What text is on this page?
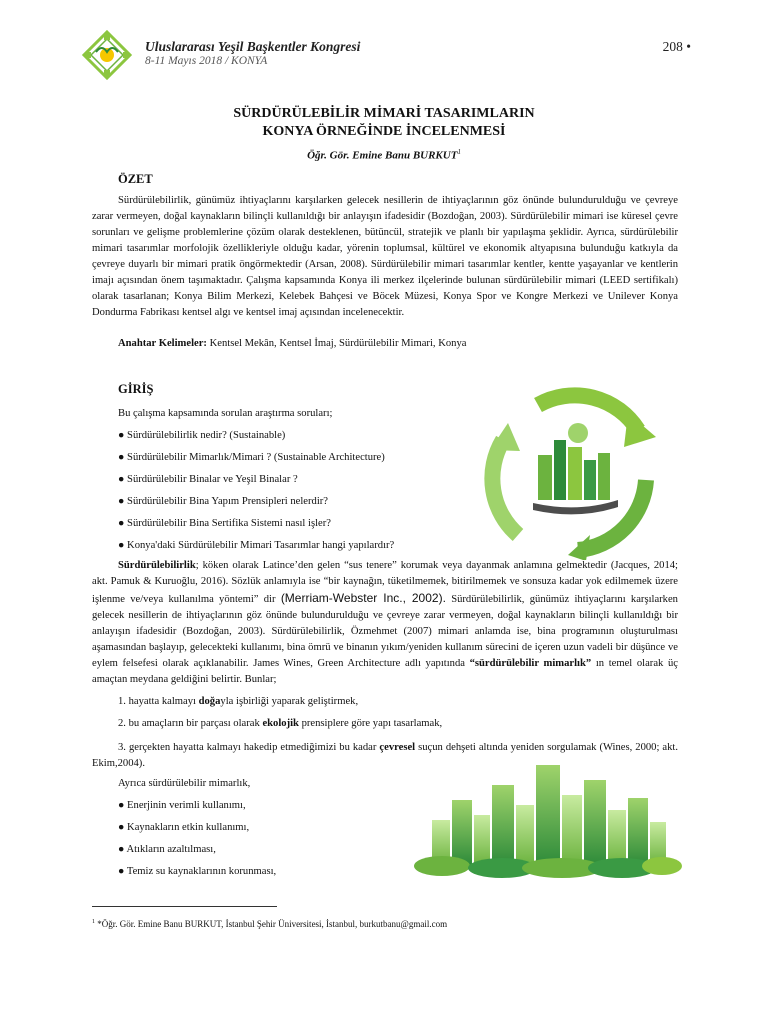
Uluslararası Yeşil Başkentler Kongresi
8-11 Mayıs 2018 / KONYA
208 •
SÜRDÜRÜLEBİLİR MİMARİ TASARIMLARIN
KONYA ÖRNEĞİNDE İNCELENMESİ
Öğr. Gör. Emine Banu BURKUT$^1$
ÖZET
Sürdürülebilirlik, günümüz ihtiyaçlarını karşılarken gelecek nesillerin de ihtiyaçlarının göz önünde bulundurulduğu ve çevreye zarar vermeyen, doğal kaynakların bilinçli kullanıldığı bir anlayışın ifadesidir (Bozdoğan, 2003). Sürdürülebilir mimari ise küresel çevre sorunları ve gelişme problemlerine çözüm olarak desteklenen, bütüncül, stratejik ve planlı bir yapılaşma şeklidir. Ayrıca, sürdürülebilir mimari tasarımlar morfolojik özellikleriyle olduğu kadar, yörenin toplumsal, kültürel ve ekonomik altyapısına bulunduğu katkıyla da çevreye duyarlı bir mimari pratik öngörmektedir (Arsan, 2008). Sürdürülebilir mimari tasarımlar kentler, kentte yaşayanlar ve kentlerin imajı açısından önem taşımaktadır. Çalışma kapsamında Konya ili merkez ilçelerinde bulunan sürdürülebilir mimari (LEED sertifikalı) olarak tasarlanan; Konya Bilim Merkezi, Kelebek Bahçesi ve Böcek Müzesi, Konya Spor ve Kongre Merkezi ve Unilever Konya Dondurma Fabrikası kentsel algı ve kentsel imaj açısından incelenecektir.
Anahtar Kelimeler: Kentsel Mekân, Kentsel İmaj, Sürdürülebilir Mimari, Konya
GİRİŞ
Bu çalışma kapsamında sorulan araştırma soruları;
● Sürdürülebilirlik nedir? (Sustainable)
● Sürdürülebilir Mimarlık/Mimari ? (Sustainable Architecture)
● Sürdürülebilir Binalar ve Yeşil Binalar ?
● Sürdürülebilir Bina Yapım Prensipleri nelerdir?
● Sürdürülebilir Bina Sertifika Sistemi nasıl işler?
● Konya'daki Sürdürülebilir Mimari Tasarımlar hangi yapılardır?
Sürdürülebilirlik; köken olarak Latince’den gelen “sus tenere” korumak veya dayanmak anlamına gelmektedir (Jacques, 2014; akt. Pamuk & Kuruoğlu, 2016). Sözlük anlamıyla ise “bir kaynağın, tüketilmemek, bitirilmemek ve sonsuza kadar yok edilmemek üzere işlenme ve/veya kullanılma yöntemi” dir (Merriam-Webster Inc., 2002). Sürdürülebilirlik, günümüz ihtiyaçlarını karşılarken gelecek nesillerin de ihtiyaçlarının göz önünde bulundurulduğu ve çevreye zarar vermeyen, doğal kaynakların bilinçli kullanıldığı bir anlayışın ifadesidir (Bozdoğan, 2003). Sürdürülebilirlik, Özmehmet (2007) mimari anlamda ise, bina programının oluşturulması aşamasından başlayıp, gelecekteki kullanımı, bina ömrü ve binanın yıkım/yeniden kullanım sürecini de içeren uzun vadeli bir düşünce ve eylem felsefesi olarak açıklanabilir. James Wines, Green Architecture adlı yapıtında “sürdürülebilir mimarlık” ın temel olarak üç amaçtan meydana geldiğini belirtir. Bunlar;
1. hayatta kalmayı doğayla işbirliği yaparak geliştirmek,
2. bu amaçların bir parçası olarak ekolojik prensiplere göre yapı tasarlamak,
3. gerçekten hayatta kalmayı hakedip etmediğimizi bu kadar çevresel suçun dehşeti altında yeniden sorgulamak (Wines, 2000; akt. Ekim,2004).
Ayrıca sürdürülebilir mimarlık,
● Enerjinin verimli kullanımı,
● Kaynakların etkin kullanımı,
● Atıkların azaltılması,
● Temiz su kaynaklarının korunması,
$^1$ *Öğr. Gör. Emine Banu BURKUT, İstanbul Şehir Üniversitesi, İstanbul, burkutbanu@gmail.com
